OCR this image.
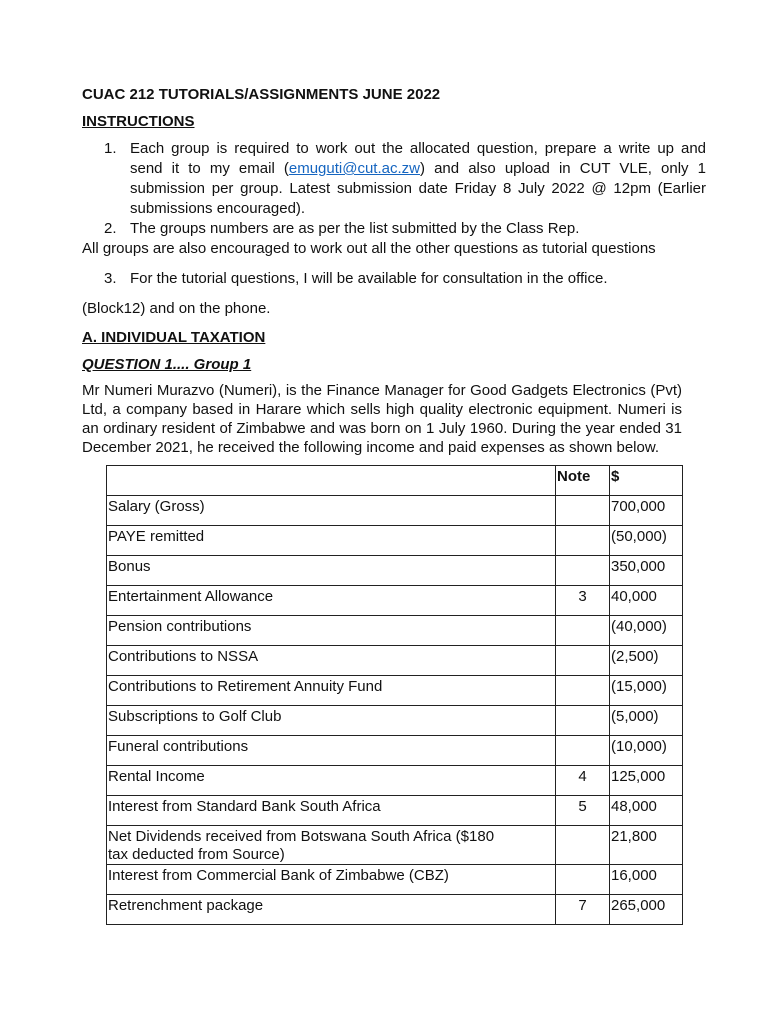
CUAC 212 TUTORIALS/ASSIGNMENTS JUNE 2022
INSTRUCTIONS
1. Each group is required to work out the allocated question, prepare a write up and
send it to my email (emuguti@cut.ac.zw) and also upload in CUT VLE, only 1
submission per group. Latest submission date Friday 8 July 2022 @ 12pm (Earlier
submissions encouraged).
2. The groups numbers are as per the list submitted by the Class Rep.
All groups are also encouraged to work out all the other questions as tutorial questions
3. For the tutorial questions, I will be available for consultation in the office.
(Block12) and on the phone.
A. INDIVIDUAL TAXATION
QUESTION 1.... Group 1
Mr Numeri Murazvo (Numeri), is the Finance Manager for Good Gadgets Electronics (Pvt)
Ltd, a company based in Harare which sells high quality electronic equipment. Numeri is
an ordinary resident of Zimbabwe and was born on 1 July 1960. During the year ended 31
December 2021, he received the following income and paid expenses as shown below.
	Note	$
Salary (Gross)		700,000
PAYE remitted		(50,000)
Bonus		350,000
Entertainment Allowance	3	40,000
Pension contributions		(40,000)
Contributions to NSSA		(2,500)
Contributions to Retirement Annuity Fund		(15,000)
Subscriptions to Golf Club		(5,000)
Funeral contributions		(10,000)
Rental Income	4	125,000
Interest from Standard Bank South Africa	5	48,000
Net Dividends received from Botswana South Africa ($180 tax deducted from Source)		21,800
Interest from Commercial Bank of Zimbabwe (CBZ)		16,000
Retrenchment package	7	265,000
